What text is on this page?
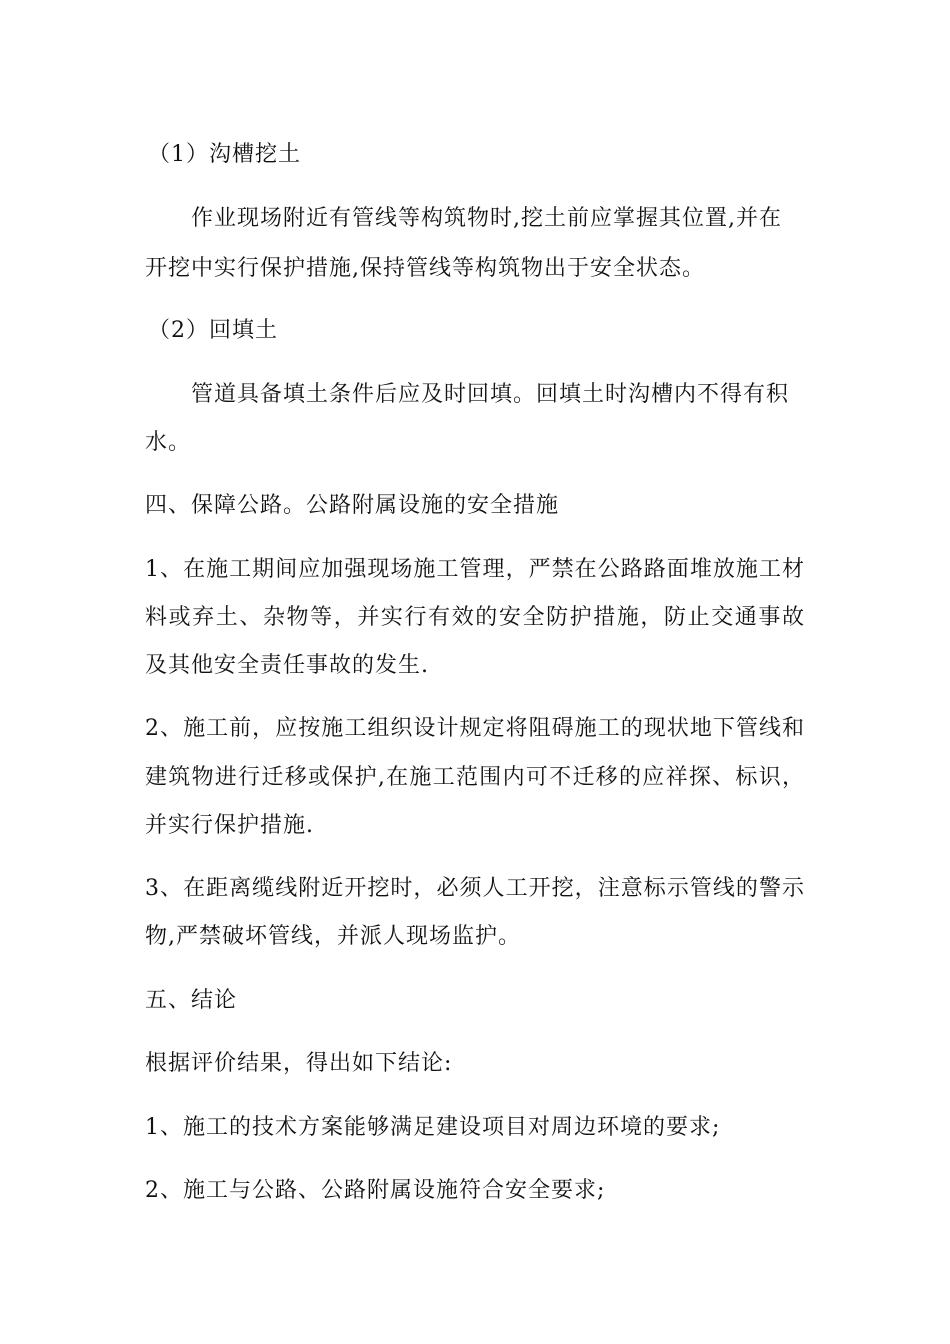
（1）沟槽挖土

作业现场附近有管线等构筑物时,挖土前应掌握其位置,并在

开挖中实行保护措施,保持管线等构筑物出于安全状态。

（2）回填土

管道具备填土条件后应及时回填。回填土时沟槽内不得有积

水。

四、保障公路。公路附属设施的安全措施

1、在施工期间应加强现场施工管理，严禁在公路路面堆放施工材

料或弃土、杂物等，并实行有效的安全防护措施，防止交通事故

及其他安全责任事故的发生.

2、施工前，应按施工组织设计规定将阻碍施工的现状地下管线和

建筑物进行迁移或保护,在施工范围内可不迁移的应祥探、标识，

并实行保护措施.

3、在距离缆线附近开挖时，必须人工开挖，注意标示管线的警示

物,严禁破坏管线，并派人现场监护。

五、结论

根据评价结果，得出如下结论:

1、施工的技术方案能够满足建设项目对周边环境的要求;

2、施工与公路、公路附属设施符合安全要求;
